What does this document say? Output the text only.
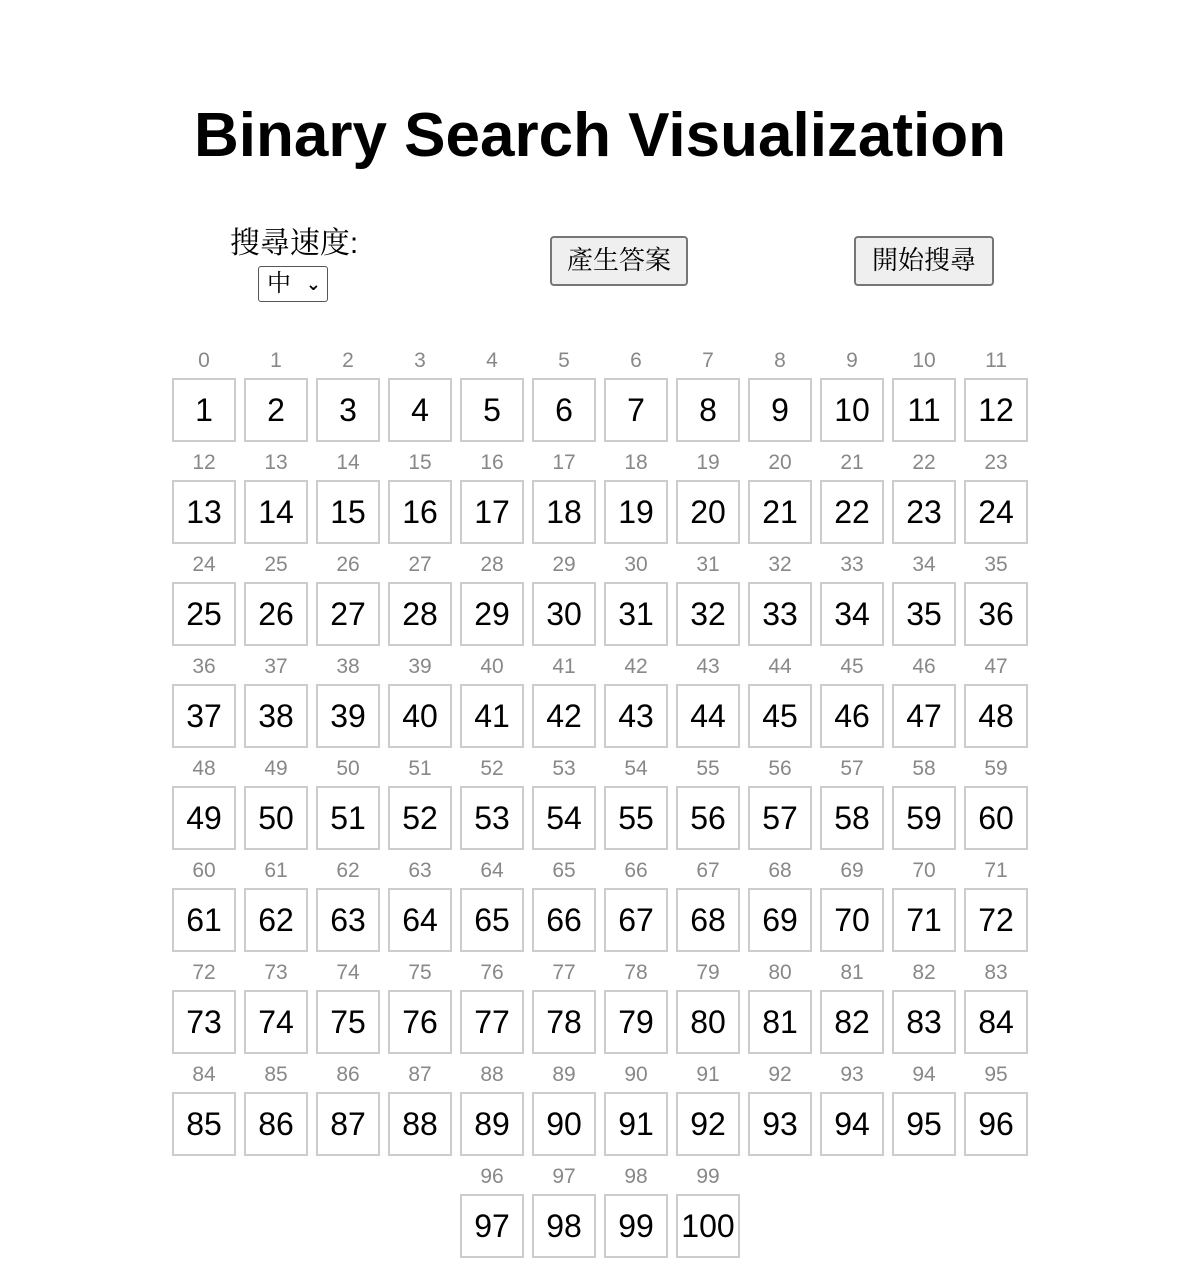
Binary Search Visualization
搜尋速度:
中 ⌄
產生答案	開始搜尋
0
1
1
2
2
3
3
4
4
5
5
6
6
7
7
8
8
9
9
10
10
11
11
12
12
13
13
14
14
15
15
16
16
17
17
18
18
19
19
20
20
21
21
22
22
23
23
24
24
25
25
26
26
27
27
28
28
29
29
30
30
31
31
32
32
33
33
34
34
35
35
36
36
37
37
38
38
39
39
40
40
41
41
42
42
43
43
44
44
45
45
46
46
47
47
48
48
49
49
50
50
51
51
52
52
53
53
54
54
55
55
56
56
57
57
58
58
59
59
60
60
61
61
62
62
63
63
64
64
65
65
66
66
67
67
68
68
69
69
70
70
71
71
72
72
73
73
74
74
75
75
76
76
77
77
78
78
79
79
80
80
81
81
82
82
83
83
84
84
85
85
86
86
87
87
88
88
89
89
90
90
91
91
92
92
93
93
94
94
95
95
96
96
97
97
98
98
99
99
100
